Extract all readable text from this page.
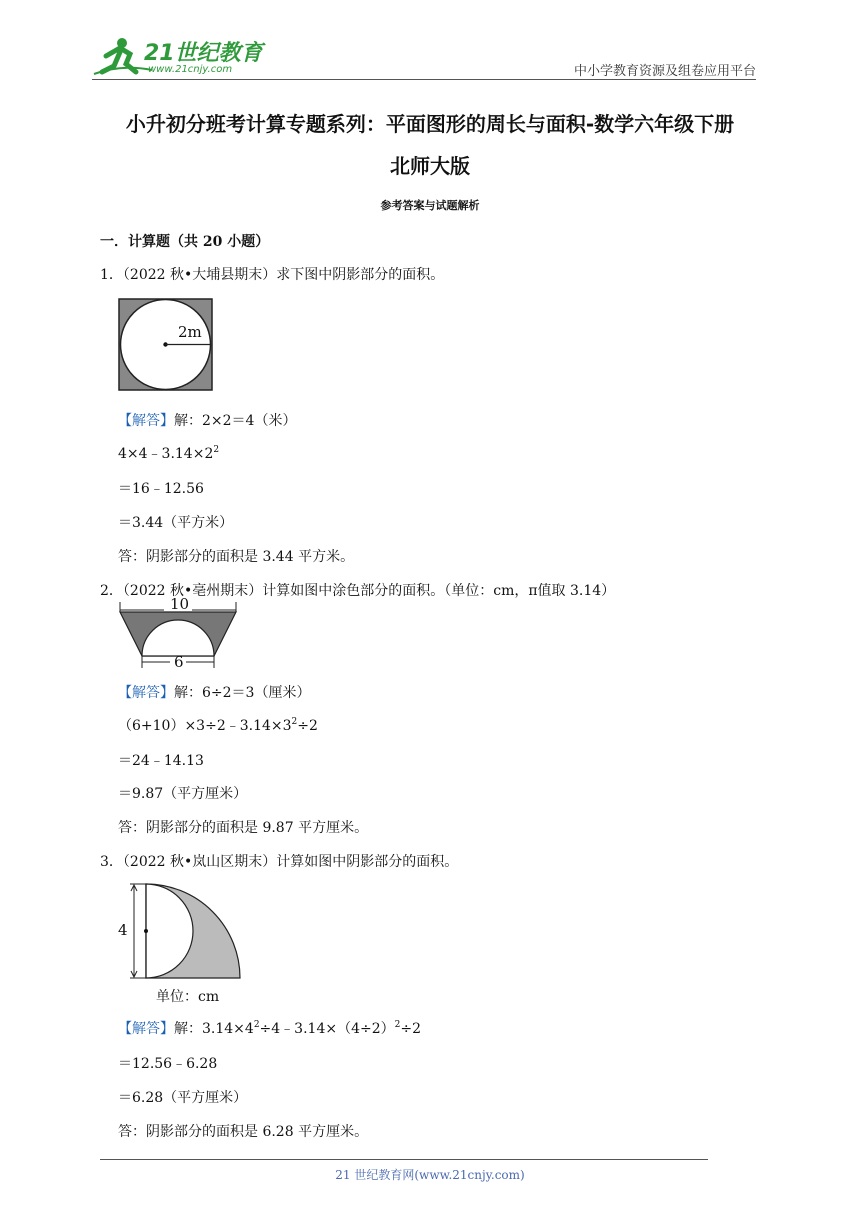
21世纪教育
www.21cnjy.com	中小学教育资源及组卷应用平台
小升初分班考计算专题系列：平面图形的周长与面积-数学六年级下册
北师大版
参考答案与试题解析
一．计算题（共 20 小题）
1．（2022 秋•大埔县期末）求下图中阴影部分的面积。
2m
【解答】解：2×2＝4（米）
$4\times 4﹣3.14\times 2^2$
＝16﹣12.56
＝3.44（平方米）
答：阴影部分的面积是 3.44 平方米。
2．（2022 秋•亳州期末）计算如图中涂色部分的面积。（单位：cm，π值取 3.14）
10
6
【解答】解：6÷2＝3（厘米）
$(6+10)\times 3\div 2﹣3.14\times 3^2\div 2$
＝24﹣14.13
＝9.87（平方厘米）
答：阴影部分的面积是 9.87 平方厘米。
3．（2022 秋•岚山区期末）计算如图中阴影部分的面积。
4
单位：cm
【解答】解：$3.14\times 4^2\div 4﹣3.14\times(4\div 2)^2\div 2$
＝12.56﹣6.28
＝6.28（平方厘米）
答：阴影部分的面积是 6.28 平方厘米。
21 世纪教育网(www.21cnjy.com)
